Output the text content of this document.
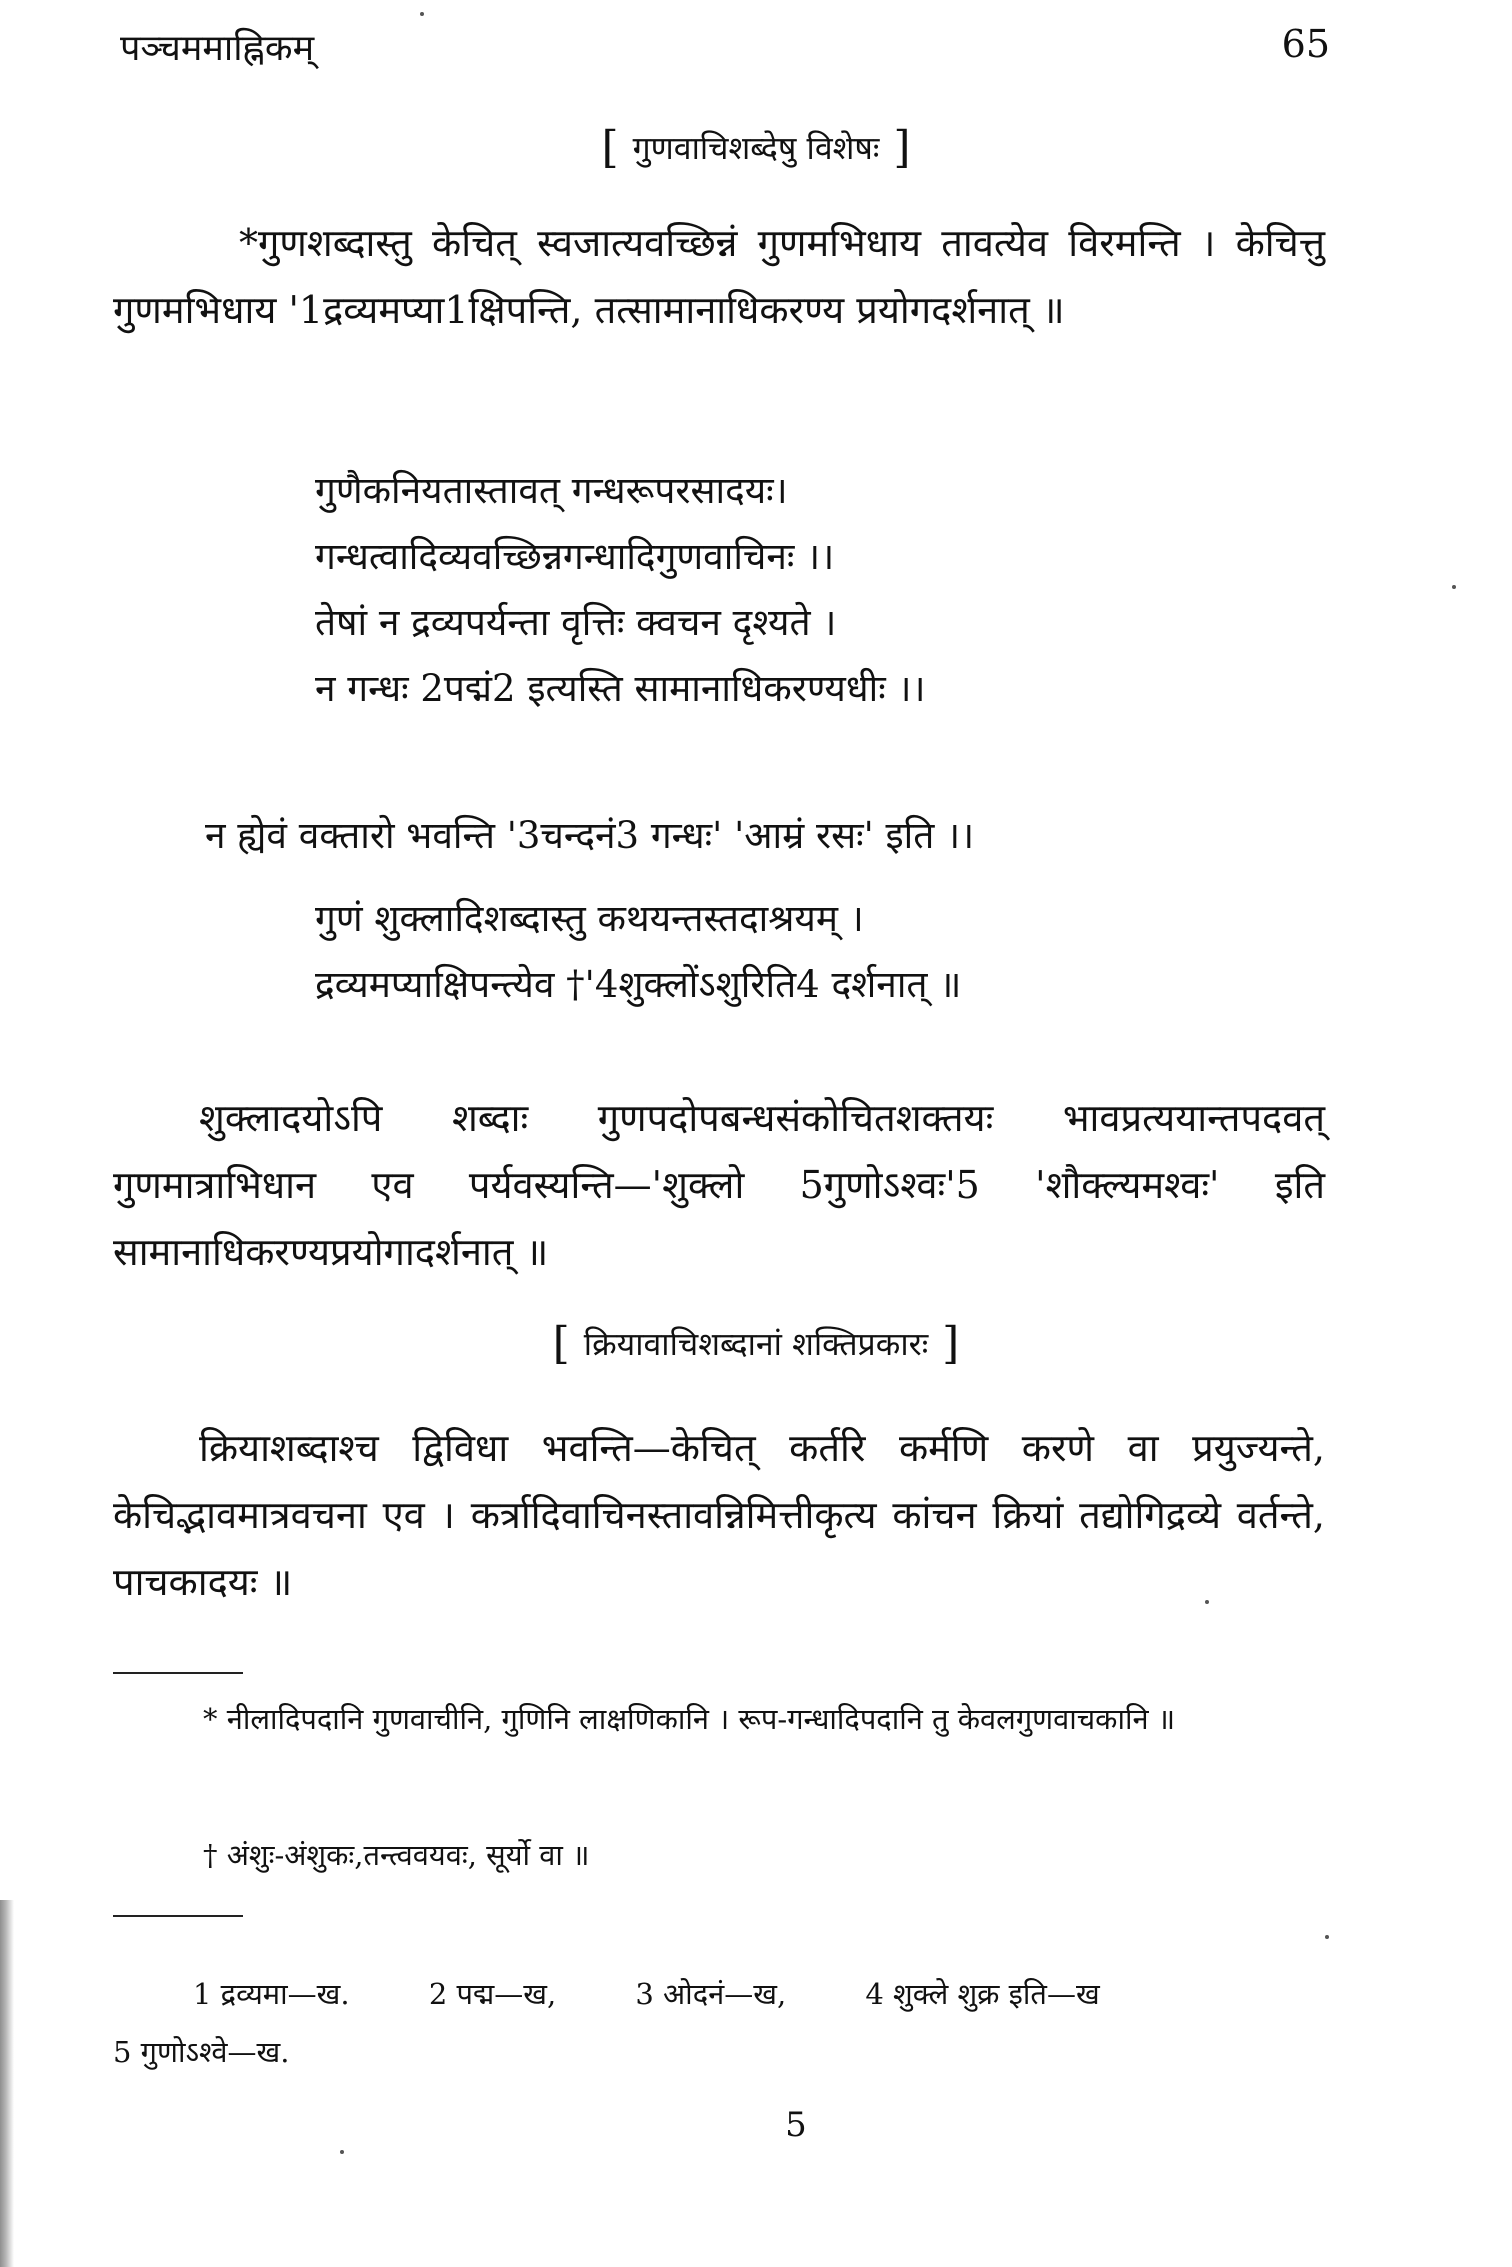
पञ्चममाह्निकम्	65
[ गुणवाचिशब्देषु विशेषः ]

*गुणशब्दास्तु केचित् स्वजात्यवच्छिन्नं गुणमभिधाय तावत्येव विरमन्ति । केचित्तु गुणमभिधाय '1द्रव्यमप्या1क्षिपन्ति, तत्सामानाधिकरण्य प्रयोगदर्शनात् ॥

गुणैकनियतास्तावत् गन्धरूपरसादयः।
गन्धत्वादिव्यवच्छिन्नगन्धादिगुणवाचिनः ।।
तेषां न द्रव्यपर्यन्ता वृत्तिः क्वचन दृश्यते ।
न गन्धः 2पद्मं2 इत्यस्ति सामानाधिकरण्यधीः ।।
न ह्येवं वक्तारो भवन्ति '3चन्दनं3 गन्धः' 'आम्रं रसः' इति ।।
गुणं शुक्लादिशब्दास्तु कथयन्तस्तदाश्रयम् ।
द्रव्यमप्याक्षिपन्त्येव †'4शुक्लोंऽशुरिति4 दर्शनात् ॥

शुक्लादयोऽपि शब्दाः गुणपदोपबन्धसंकोचितशक्तयः भावप्रत्ययान्तपदवत् गुणमात्राभिधान एव पर्यवस्यन्ति—'शुक्लो 5गुणोऽश्वः'5 'शौक्ल्यमश्वः' इति सामानाधिकरण्यप्रयोगादर्शनात् ॥

[ क्रियावाचिशब्दानां शक्तिप्रकारः ]

क्रियाशब्दाश्च द्विविधा भवन्ति—केचित् कर्तरि कर्मणि करणे वा प्रयुज्यन्ते, केचिद्भावमात्रवचना एव । कर्त्रादिवाचिनस्तावन्निमित्तीकृत्य कांचन क्रियां तद्योगिद्रव्ये वर्तन्ते, पाचकादयः ॥

* नीलादिपदानि गुणवाचीनि, गुणिनि लाक्षणिकानि । रूप-गन्धादिपदानि तु केवलगुणवाचकानि ॥

† अंशुः-अंशुकः,तन्त्ववयवः, सूर्यो वा ॥

1 द्रव्यमा—ख.	2 पद्म—ख,	3 ओदनं—ख,	4 शुक्ले शुक्र इति—ख
5 गुणोऽश्वे—ख.
5
